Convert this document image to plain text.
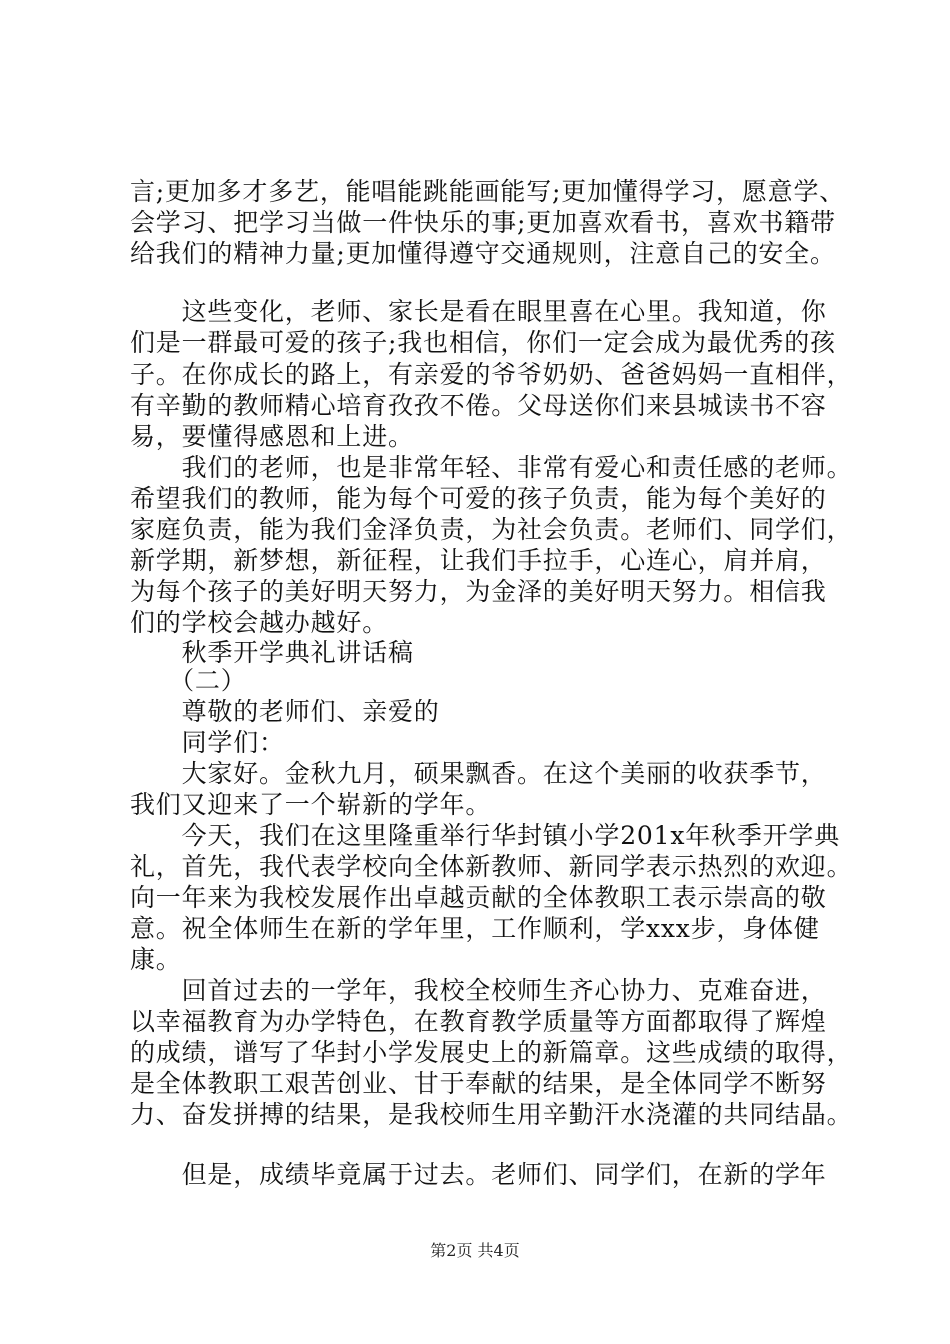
言;更加多才多艺，能唱能跳能画能写;更加懂得学习，愿意学、
会学习、把学习当做一件快乐的事;更加喜欢看书，喜欢书籍带
给我们的精神力量;更加懂得遵守交通规则，注意自己的安全。
　　这些变化，老师、家长是看在眼里喜在心里。我知道，你
们是一群最可爱的孩子;我也相信，你们一定会成为最优秀的孩
子。在你成长的路上，有亲爱的爷爷奶奶、爸爸妈妈一直相伴，
有辛勤的教师精心培育孜孜不倦。父母送你们来县城读书不容
易，要懂得感恩和上进。
　　我们的老师，也是非常年轻、非常有爱心和责任感的老师。
希望我们的教师，能为每个可爱的孩子负责，能为每个美好的
家庭负责，能为我们金泽负责，为社会负责。老师们、同学们，
新学期，新梦想，新征程，让我们手拉手，心连心，肩并肩，
为每个孩子的美好明天努力，为金泽的美好明天努力。相信我
们的学校会越办越好。
　　秋季开学典礼讲话稿
　　（二）
　　尊敬的老师们、亲爱的
　　同学们：
　　大家好。金秋九月，硕果飘香。在这个美丽的收获季节，
我们又迎来了一个崭新的学年。
　　今天，我们在这里隆重举行华封镇小学201x年秋季开学典
礼，首先，我代表学校向全体新教师、新同学表示热烈的欢迎。
向一年来为我校发展作出卓越贡献的全体教职工表示崇高的敬
意。祝全体师生在新的学年里，工作顺利，学xxx步，身体健
康。
　　回首过去的一学年，我校全校师生齐心协力、克难奋进，
以幸福教育为办学特色，在教育教学质量等方面都取得了辉煌
的成绩，谱写了华封小学发展史上的新篇章。这些成绩的取得，
是全体教职工艰苦创业、甘于奉献的结果，是全体同学不断努
力、奋发拼搏的结果，是我校师生用辛勤汗水浇灌的共同结晶。
　　但是，成绩毕竟属于过去。老师们、同学们，在新的学年
第2页 共4页
